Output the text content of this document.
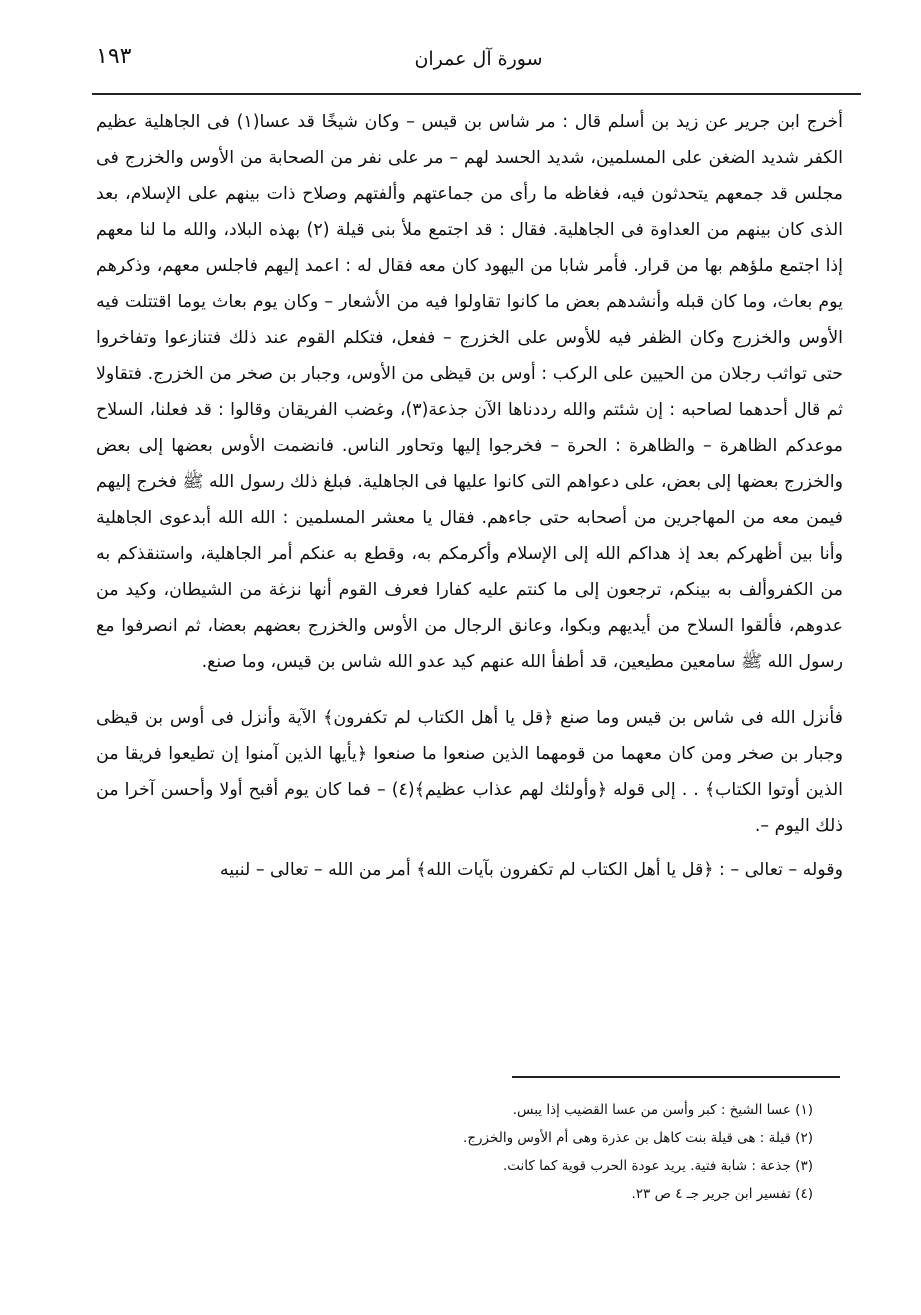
١٩٣	سورة آل عمران

أخرج ابن جرير عن زيد بن أسلم قال : مر شاس بن قيس – وكان شيخًا قد عسا(١) فى الجاهلية عظيم الكفر شديد الضغن على المسلمين، شديد الحسد لهم – مر على نفر من الصحابة من الأوس والخزرج فى مجلس قد جمعهم يتحدثون فيه، فغاظه ما رأى من جماعتهم وألفتهم وصلاح ذات بينهم على الإسلام، بعد الذى كان بينهم من العداوة فى الجاهلية. فقال : قد اجتمع ملأ بنى قيلة (٢) بهذه البلاد، والله ما لنا معهم إذا اجتمع ملؤهم بها من قرار. فأمر شابا من اليهود كان معه فقال له : اعمد إليهم فاجلس معهم، وذكرهم يوم بعاث، وما كان قبله وأنشدهم بعض ما كانوا تقاولوا فيه من الأشعار – وكان يوم بعاث يوما اقتتلت فيه الأوس والخزرج وكان الظفر فيه للأوس على الخزرج – ففعل، فتكلم القوم عند ذلك فتنازعوا وتفاخروا حتى تواثب رجلان من الحيين على الركب : أوس بن قيظى من الأوس، وجبار بن صخر من الخزرج. فتقاولا ثم قال أحدهما لصاحبه : إن شئتم والله رددناها الآن جذعة(٣)، وغضب الفريقان وقالوا : قد فعلنا، السلاح موعدكم الظاهرة – والظاهرة : الحرة – فخرجوا إليها وتحاور الناس. فانضمت الأوس بعضها إلى بعض والخزرج بعضها إلى بعض، على دعواهم التى كانوا عليها فى الجاهلية. فبلغ ذلك رسول الله ﷺ فخرج إليهم فيمن معه من المهاجرين من أصحابه حتى جاءهم. فقال يا معشر المسلمين : الله الله أبدعوى الجاهلية وأنا بين أظهركم بعد إذ هداكم الله إلى الإسلام وأكرمكم به، وقطع به عنكم أمر الجاهلية، واستنقذكم به من الكفروألف به بينكم، ترجعون إلى ما كنتم عليه كفارا فعرف القوم أنها نزغة من الشيطان، وكيد من عدوهم، فألقوا السلاح من أيديهم وبكوا، وعانق الرجال من الأوس والخزرج بعضهم بعضا، ثم انصرفوا مع رسول الله ﷺ سامعين مطيعين، قد أطفأ الله عنهم كيد عدو الله شاس بن قيس، وما صنع.

فأنزل الله فى شاس بن قيس وما صنع ﴿قل يا أهل الكتاب لم تكفرون﴾ الآية وأنزل فى أوس بن قيظى وجبار بن صخر ومن كان معهما من قومهما الذين صنعوا ما صنعوا ﴿يأيها الذين آمنوا إن تطيعوا فريقا من الذين أوتوا الكتاب﴾ . . إلى قوله ﴿وأولئك لهم عذاب عظيم﴾(٤) – فما كان يوم أقبح أولا وأحسن آخرا من ذلك اليوم –.

وقوله – تعالى – : ﴿قل يا أهل الكتاب لم تكفرون بآيات الله﴾ أمر من الله – تعالى – لنبيه

(١) عسا الشيخ : كبر وأسن من عسا القضيب إذا يبس.
(٢) قيلة : هى قيلة بنت كاهل بن عذرة وهى أم الأوس والخزرج.
(٣) جذعة : شابة فتية. يريد عودة الحرب قوية كما كانت.
(٤) تفسير ابن جرير جـ ٤ ص ٢٣.
